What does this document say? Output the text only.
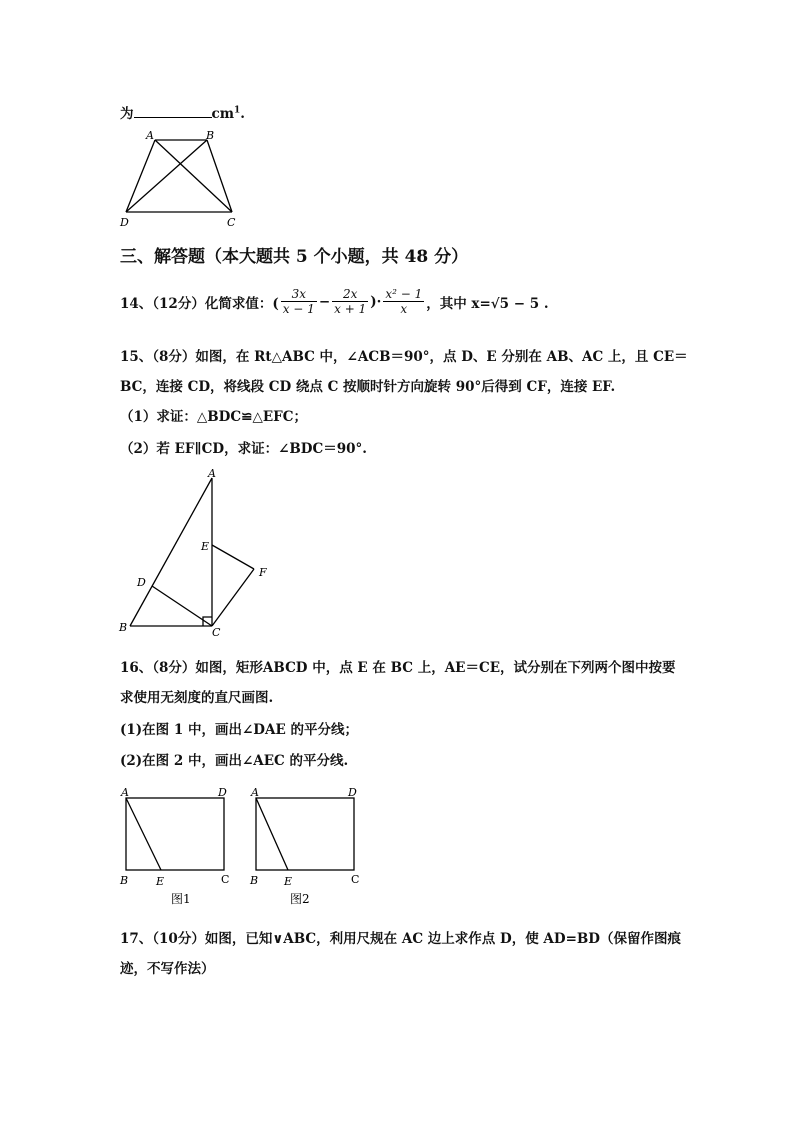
为	$cm^1$.
A	B
D	C
三、解答题（本大题共 5 个小题，共 48 分）
14、（12分）化简求值：( $\frac{3x}{x - 1} - \frac{2x}{x + 1}$ )· $\frac{\text{x² − 1}}{x}$ ，其中 x=√5 − 5 .
15、（8分）如图，在 Rt△ABC 中，∠ACB＝90°，点 D、E 分别在 AB、AC 上，且 CE＝
BC，连接 CD，将线段 CD 绕点 C 按顺时针方向旋转 90°后得到 CF，连接 EF.
（1）求证：△BDC≌△EFC；
（2）若 EF∥CD，求证：∠BDC＝90°.
A
E
F
D
B	C
16、（8分）如图，矩形ABCD 中，点 E 在 BC 上，AE＝CE，试分别在下列两个图中按要
求使用无刻度的直尺画图.
(1)在图 1 中，画出∠DAE 的平分线；
(2)在图 2 中，画出∠AEC 的平分线.
A	D
B	E	C
图1
A	D
B E	C
图2
17、（10分）如图，已知∨ABC，利用尺规在 AC 边上求作点 D，使 AD=BD（保留作图痕
迹，不写作法）
